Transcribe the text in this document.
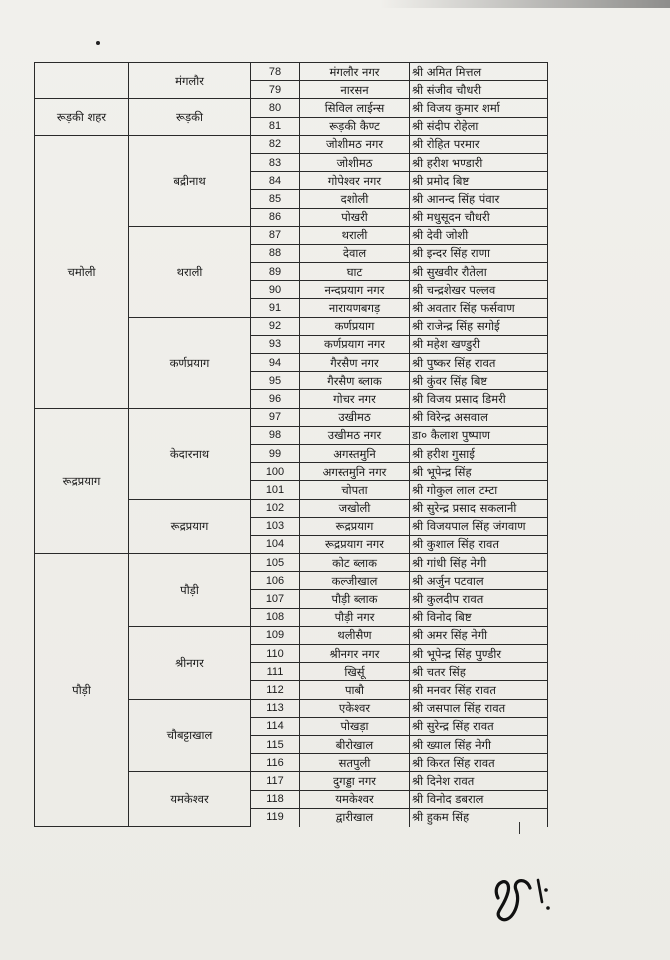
	मंगलौर	78	मंगलौर नगर	श्री अमित मित्तल
		79	नारसन	श्री संजीव चौधरी
रूड़की शहर	रूड़की	80	सिविल लाईन्स	श्री विजय कुमार शर्मा
		81	रूड़की कैण्ट	श्री संदीप रोहेला
चमोली	बद्रीनाथ	82	जोशीमठ नगर	श्री रोहित परमार
		83	जोशीमठ	श्री हरीश भण्डारी
		84	गोपेश्वर नगर	श्री प्रमोद बिष्ट
		85	दशोली	श्री आनन्द सिंह पंवार
		86	पोखरी	श्री मधुसूदन चौधरी
	थराली	87	थराली	श्री देवी जोशी
		88	देवाल	श्री इन्दर सिंह राणा
		89	घाट	श्री सुखवीर रौतेला
		90	नन्दप्रयाग नगर	श्री चन्द्रशेखर पल्लव
		91	नारायणबगड़	श्री अवतार सिंह फर्सवाण
	कर्णप्रयाग	92	कर्णप्रयाग	श्री राजेन्द्र सिंह सगोई
		93	कर्णप्रयाग नगर	श्री महेश खण्डुरी
		94	गैरसैण नगर	श्री पुष्कर सिंह रावत
		95	गैरसैण ब्लाक	श्री कुंवर सिंह बिष्ट
		96	गोचर नगर	श्री विजय प्रसाद डिमरी
रूद्रप्रयाग	केदारनाथ	97	उखीमठ	श्री विरेन्द्र असवाल
		98	उखीमठ नगर	डा० कैलाश पुष्पाण
		99	अगस्तमुनि	श्री हरीश गुसाई
		100	अगस्तमुनि नगर	श्री भूपेन्द्र सिंह
		101	चोपता	श्री गोकुल लाल टम्टा
	रूद्रप्रयाग	102	जखोली	श्री सुरेन्द्र प्रसाद सकलानी
		103	रूद्रप्रयाग	श्री विजयपाल सिंह जंगवाण
		104	रूद्रप्रयाग नगर	श्री कुशाल सिंह रावत
पौड़ी	पौड़ी	105	कोट ब्लाक	श्री गांधी सिंह नेगी
		106	कल्जीखाल	श्री अर्जुन पटवाल
		107	पौड़ी ब्लाक	श्री कुलदीप रावत
		108	पौड़ी नगर	श्री विनोद बिष्ट
	श्रीनगर	109	थलीसैण	श्री अमर सिंह नेगी
		110	श्रीनगर नगर	श्री भूपेन्द्र सिंह पुण्डीर
		111	खिर्सू	श्री चतर सिंह
		112	पाबौ	श्री मनवर सिंह रावत
	चौबट्टाखाल	113	एकेश्वर	श्री जसपाल सिंह रावत
		114	पोखड़ा	श्री सुरेन्द्र सिंह रावत
		115	बीरोखाल	श्री ख्याल सिंह नेगी
		116	सतपुली	श्री किरत सिंह रावत
	यमकेश्वर	117	दुगड्डा नगर	श्री दिनेश रावत
		118	यमकेश्वर	श्री विनोद डबराल
		119	द्वारीखाल	श्री हुकम सिंह
